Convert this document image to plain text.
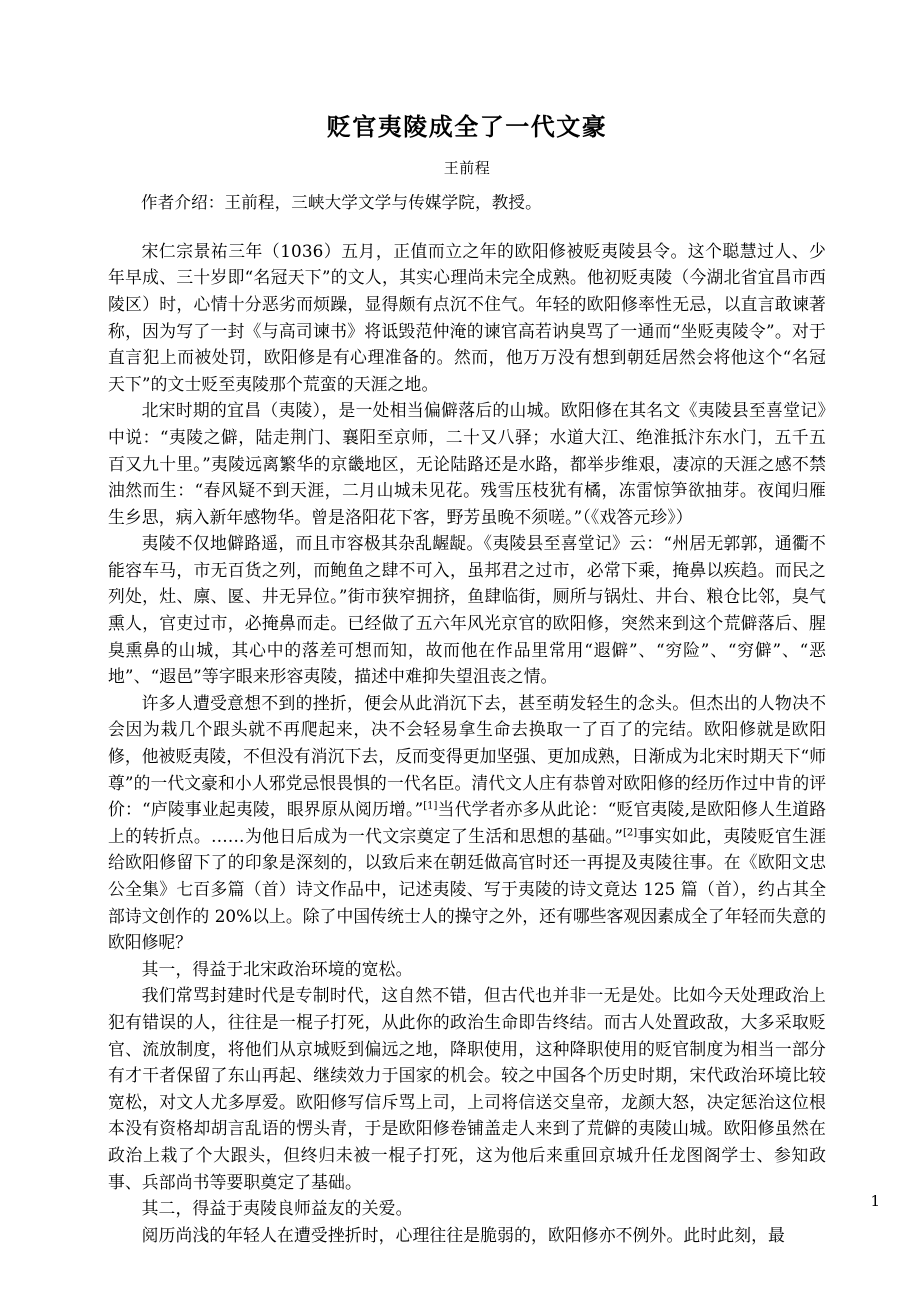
贬官夷陵成全了一代文豪
王前程
作者介绍：王前程，三峡大学文学与传媒学院，教授。

宋仁宗景祐三年（1036）五月，正值而立之年的欧阳修被贬夷陵县令。这个聪慧过人、少年早成、三十岁即“名冠天下”的文人，其实心理尚未完全成熟。他初贬夷陵（今湖北省宜昌市西陵区）时，心情十分恶劣而烦躁，显得颇有点沉不住气。年轻的欧阳修率性无忌，以直言敢谏著称，因为写了一封《与高司谏书》将诋毁范仲淹的谏官高若讷臭骂了一通而“坐贬夷陵令”。对于直言犯上而被处罚，欧阳修是有心理准备的。然而，他万万没有想到朝廷居然会将他这个“名冠天下”的文士贬至夷陵那个荒蛮的天涯之地。

北宋时期的宜昌（夷陵），是一处相当偏僻落后的山城。欧阳修在其名文《夷陵县至喜堂记》中说：“夷陵之僻，陆走荆门、襄阳至京师，二十又八驿；水道大江、绝淮抵汴东水门，五千五百又九十里。”夷陵远离繁华的京畿地区，无论陆路还是水路，都举步维艰，凄凉的天涯之感不禁油然而生：“春风疑不到天涯，二月山城未见花。残雪压枝犹有橘，冻雷惊笋欲抽芽。夜闻归雁生乡思，病入新年感物华。曾是洛阳花下客，野芳虽晚不须嗟。”（《戏答元珍》）

夷陵不仅地僻路遥，而且市容极其杂乱龌龊。《夷陵县至喜堂记》云：“州居无郭郭，通衢不能容车马，市无百货之列，而鲍鱼之肆不可入，虽邦君之过市，必常下乘，掩鼻以疾趋。而民之列处，灶、廪、匽、井无异位。”街市狭窄拥挤，鱼肆临街，厕所与锅灶、井台、粮仓比邻，臭气熏人，官吏过市，必掩鼻而走。已经做了五六年风光京官的欧阳修，突然来到这个荒僻落后、腥臭熏鼻的山城，其心中的落差可想而知，故而他在作品里常用“遐僻”、“穷险”、“穷僻”、“恶地”、“遐邑”等字眼来形容夷陵，描述中难抑失望沮丧之情。

许多人遭受意想不到的挫折，便会从此消沉下去，甚至萌发轻生的念头。但杰出的人物决不会因为栽几个跟头就不再爬起来，决不会轻易拿生命去换取一了百了的完结。欧阳修就是欧阳修，他被贬夷陵，不但没有消沉下去，反而变得更加坚强、更加成熟，日渐成为北宋时期天下“师尊”的一代文豪和小人邪党忌恨畏惧的一代名臣。清代文人庄有恭曾对欧阳修的经历作过中肯的评价：“庐陵事业起夷陵，眼界原从阅历增。”[1]当代学者亦多从此论：“贬官夷陵,是欧阳修人生道路上的转折点。……为他日后成为一代文宗奠定了生活和思想的基础。”[2]事实如此，夷陵贬官生涯给欧阳修留下了的印象是深刻的，以致后来在朝廷做高官时还一再提及夷陵往事。在《欧阳文忠公全集》七百多篇（首）诗文作品中，记述夷陵、写于夷陵的诗文竟达 125 篇（首），约占其全部诗文创作的 20%以上。除了中国传统士人的操守之外，还有哪些客观因素成全了年轻而失意的欧阳修呢？

其一，得益于北宋政治环境的宽松。

我们常骂封建时代是专制时代，这自然不错，但古代也并非一无是处。比如今天处理政治上犯有错误的人，往往是一棍子打死，从此你的政治生命即告终结。而古人处置政敌，大多采取贬官、流放制度，将他们从京城贬到偏远之地，降职使用，这种降职使用的贬官制度为相当一部分有才干者保留了东山再起、继续效力于国家的机会。较之中国各个历史时期，宋代政治环境比较宽松，对文人尤多厚爱。欧阳修写信斥骂上司，上司将信送交皇帝，龙颜大怒，决定惩治这位根本没有资格却胡言乱语的愣头青，于是欧阳修卷铺盖走人来到了荒僻的夷陵山城。欧阳修虽然在政治上栽了个大跟头，但终归未被一棍子打死，这为他后来重回京城升任龙图阁学士、参知政事、兵部尚书等要职奠定了基础。

其二，得益于夷陵良师益友的关爱。

阅历尚浅的年轻人在遭受挫折时，心理往往是脆弱的，欧阳修亦不例外。此时此刻，最

1
